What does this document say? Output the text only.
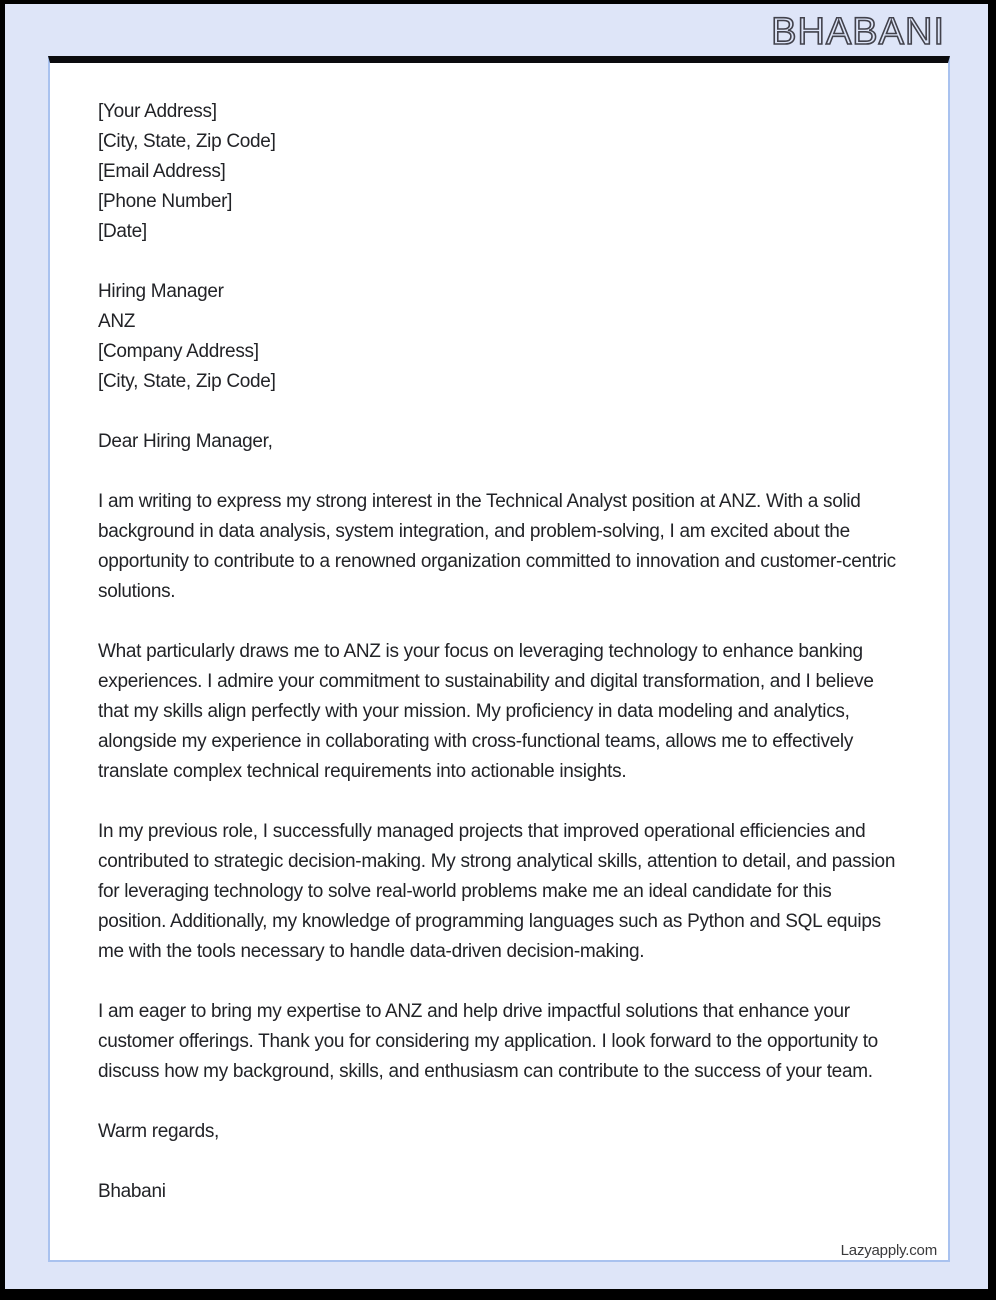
BHABANI
[Your Address]
[City, State, Zip Code]
[Email Address]
[Phone Number]
[Date]
Hiring Manager
ANZ
[Company Address]
[City, State, Zip Code]

Dear Hiring Manager,

I am writing to express my strong interest in the Technical Analyst position at ANZ. With a solid background in data analysis, system integration, and problem-solving, I am excited about the opportunity to contribute to a renowned organization committed to innovation and customer-centric solutions.

What particularly draws me to ANZ is your focus on leveraging technology to enhance banking experiences. I admire your commitment to sustainability and digital transformation, and I believe that my skills align perfectly with your mission. My proficiency in data modeling and analytics, alongside my experience in collaborating with cross-functional teams, allows me to effectively translate complex technical requirements into actionable insights.

In my previous role, I successfully managed projects that improved operational efficiencies and contributed to strategic decision-making. My strong analytical skills, attention to detail, and passion for leveraging technology to solve real-world problems make me an ideal candidate for this position. Additionally, my knowledge of programming languages such as Python and SQL equips me with the tools necessary to handle data-driven decision-making.

I am eager to bring my expertise to ANZ and help drive impactful solutions that enhance your customer offerings. Thank you for considering my application. I look forward to the opportunity to discuss how my background, skills, and enthusiasm can contribute to the success of your team.

Warm regards,

Bhabani

Lazyapply.com
